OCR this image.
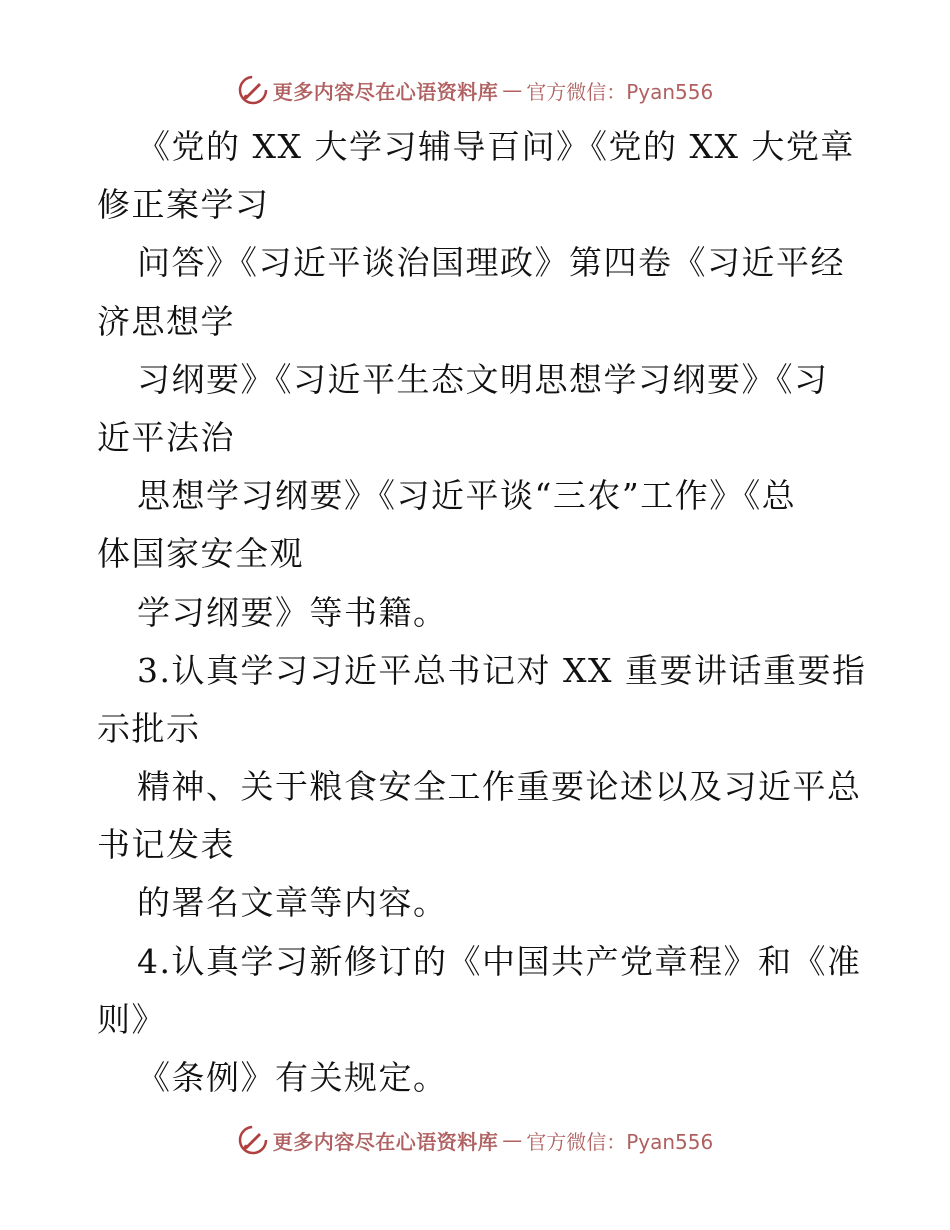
更多内容尽在心语资料库 — 官方微信：Pyan556
《党的 XX 大学习辅导百问》《党的 XX 大党章
修正案学习
问答》《习近平谈治国理政》第四卷《习近平经
济思想学
习纲要》《习近平生态文明思想学习纲要》《习
近平法治
思想学习纲要》《习近平谈“三农”工作》《总
体国家安全观
学习纲要》等书籍。
3.认真学习习近平总书记对 XX 重要讲话重要指
示批示
精神、关于粮食安全工作重要论述以及习近平总
书记发表
的署名文章等内容。
4.认真学习新修订的《中国共产党章程》和《准
则》
《条例》有关规定。
更多内容尽在心语资料库 — 官方微信：Pyan556
